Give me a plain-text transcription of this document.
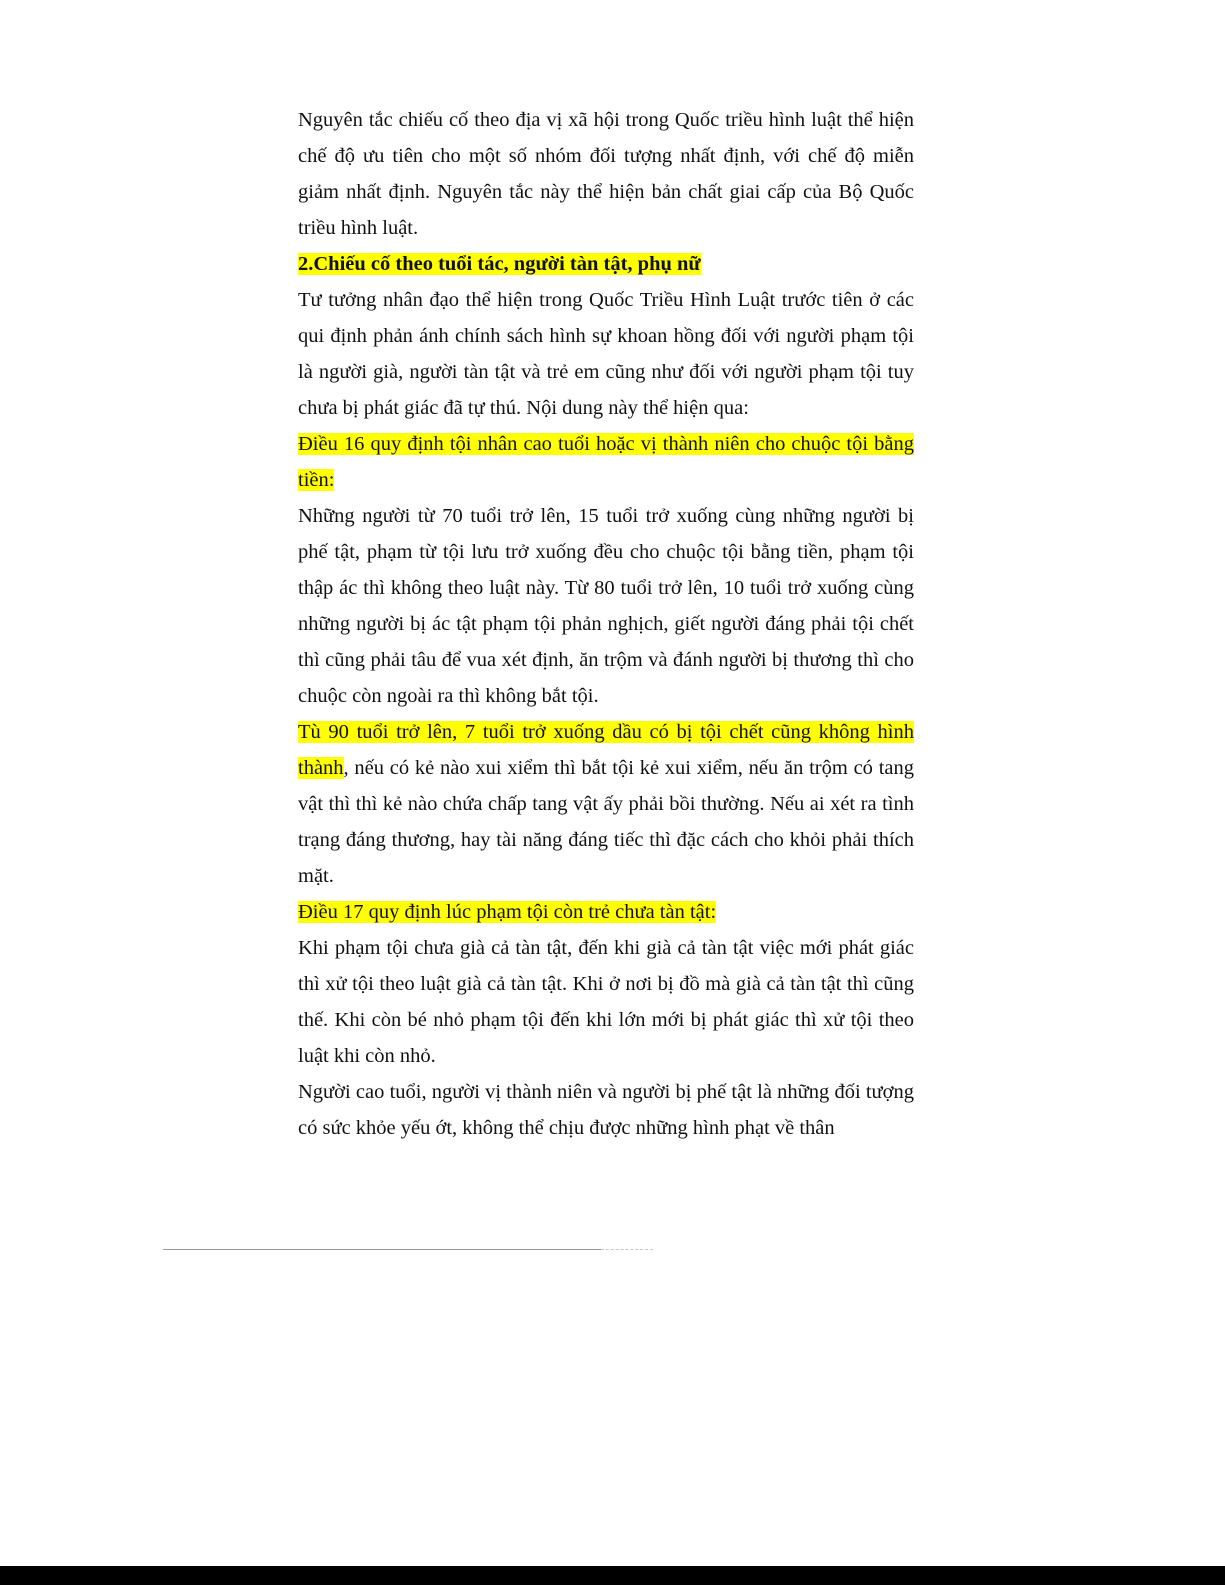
Nguyên tắc chiếu cố theo địa vị xã hội trong Quốc triều hình luật thể hiện chế độ ưu tiên cho một số nhóm đối tượng nhất định, với chế độ miễn giảm nhất định. Nguyên tắc này thể hiện bản chất giai cấp của Bộ Quốc triều hình luật.

2.Chiếu cố theo tuổi tác, người tàn tật, phụ nữ

Tư tưởng nhân đạo thể hiện trong Quốc Triều Hình Luật trước tiên ở các qui định phản ánh chính sách hình sự khoan hồng đối với người phạm tội là người già, người tàn tật và trẻ em cũng như đối với người phạm tội tuy chưa bị phát giác đã tự thú. Nội dung này thể hiện qua:

Điều 16 quy định tội nhân cao tuổi hoặc vị thành niên cho chuộc tội bằng tiền:

Những người từ 70 tuổi trở lên, 15 tuổi trở xuống cùng những người bị phế tật, phạm từ tội lưu trở xuống đều cho chuộc tội bằng tiền, phạm tội thập ác thì không theo luật này. Từ 80 tuổi trở lên, 10 tuổi trở xuống cùng những người bị ác tật phạm tội phản nghịch, giết người đáng phải tội chết thì cũng phải tâu để vua xét định, ăn trộm và đánh người bị thương thì cho chuộc còn ngoài ra thì không bắt tội.

Tù 90 tuổi trở lên, 7 tuổi trở xuống dầu có bị tội chết cũng không hình thành, nếu có kẻ nào xui xiểm thì bắt tội kẻ xui xiểm, nếu ăn trộm có tang vật thì thì kẻ nào chứa chấp tang vật ấy phải bồi thường. Nếu ai xét ra tình trạng đáng thương, hay tài năng đáng tiếc thì đặc cách cho khỏi phải thích mặt.

Điều 17 quy định lúc phạm tội còn trẻ chưa tàn tật:

Khi phạm tội chưa già cả tàn tật, đến khi già cả tàn tật việc mới phát giác thì xử tội theo luật già cả tàn tật. Khi ở nơi bị đồ mà già cả tàn tật thì cũng thế. Khi còn bé nhỏ phạm tội đến khi lớn mới bị phát giác thì xử tội theo luật khi còn nhỏ.

Người cao tuổi, người vị thành niên và người bị phế tật là những đối tượng có sức khỏe yếu ớt, không thể chịu được những hình phạt về thân
